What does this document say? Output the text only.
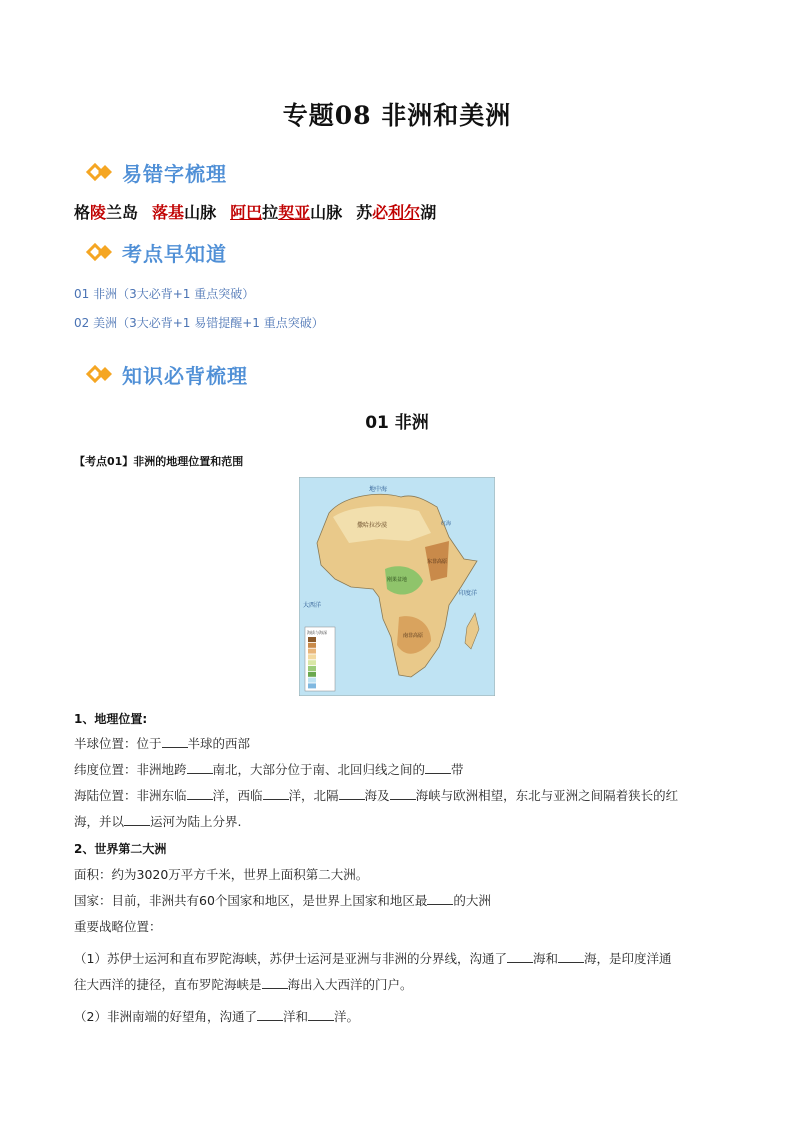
专题08 非洲和美洲
易错字梳理
格陵兰岛 落基山脉 阿巴拉契亚山脉 苏必利尔湖
考点早知道
01 非洲（3大必背+1 重点突破）
02 美洲（3大必背+1 易错提醒+1 重点突破）
知识必背梳理
01 非洲
【考点01】非洲的地理位置和范围
地中海
撒哈拉沙漠
大西洋
印度洋
红海
东非高原
刚果盆地
南非高原
海拔与海深
1、地理位置:
半球位置：位于 半球的西部
纬度位置：非洲地跨 南北，大部分位于南、北回归线之间的 带
海陆位置：非洲东临 洋，西临 洋，北隔 海及 海峡与欧洲相望，东北与亚洲之间隔着狭长的红
海，并以 运河为陆上分界.
2、世界第二大洲
面积：约为3020万平方千米，世界上面积第二大洲。
国家：目前，非洲共有60个国家和地区，是世界上国家和地区最 的大洲
重要战略位置：
（1）苏伊士运河和直布罗陀海峡，苏伊士运河是亚洲与非洲的分界线，沟通了 海和 海，是印度洋通
往大西洋的捷径，直布罗陀海峡是 海出入大西洋的门户。
（2）非洲南端的好望角，沟通了 洋和 洋。
